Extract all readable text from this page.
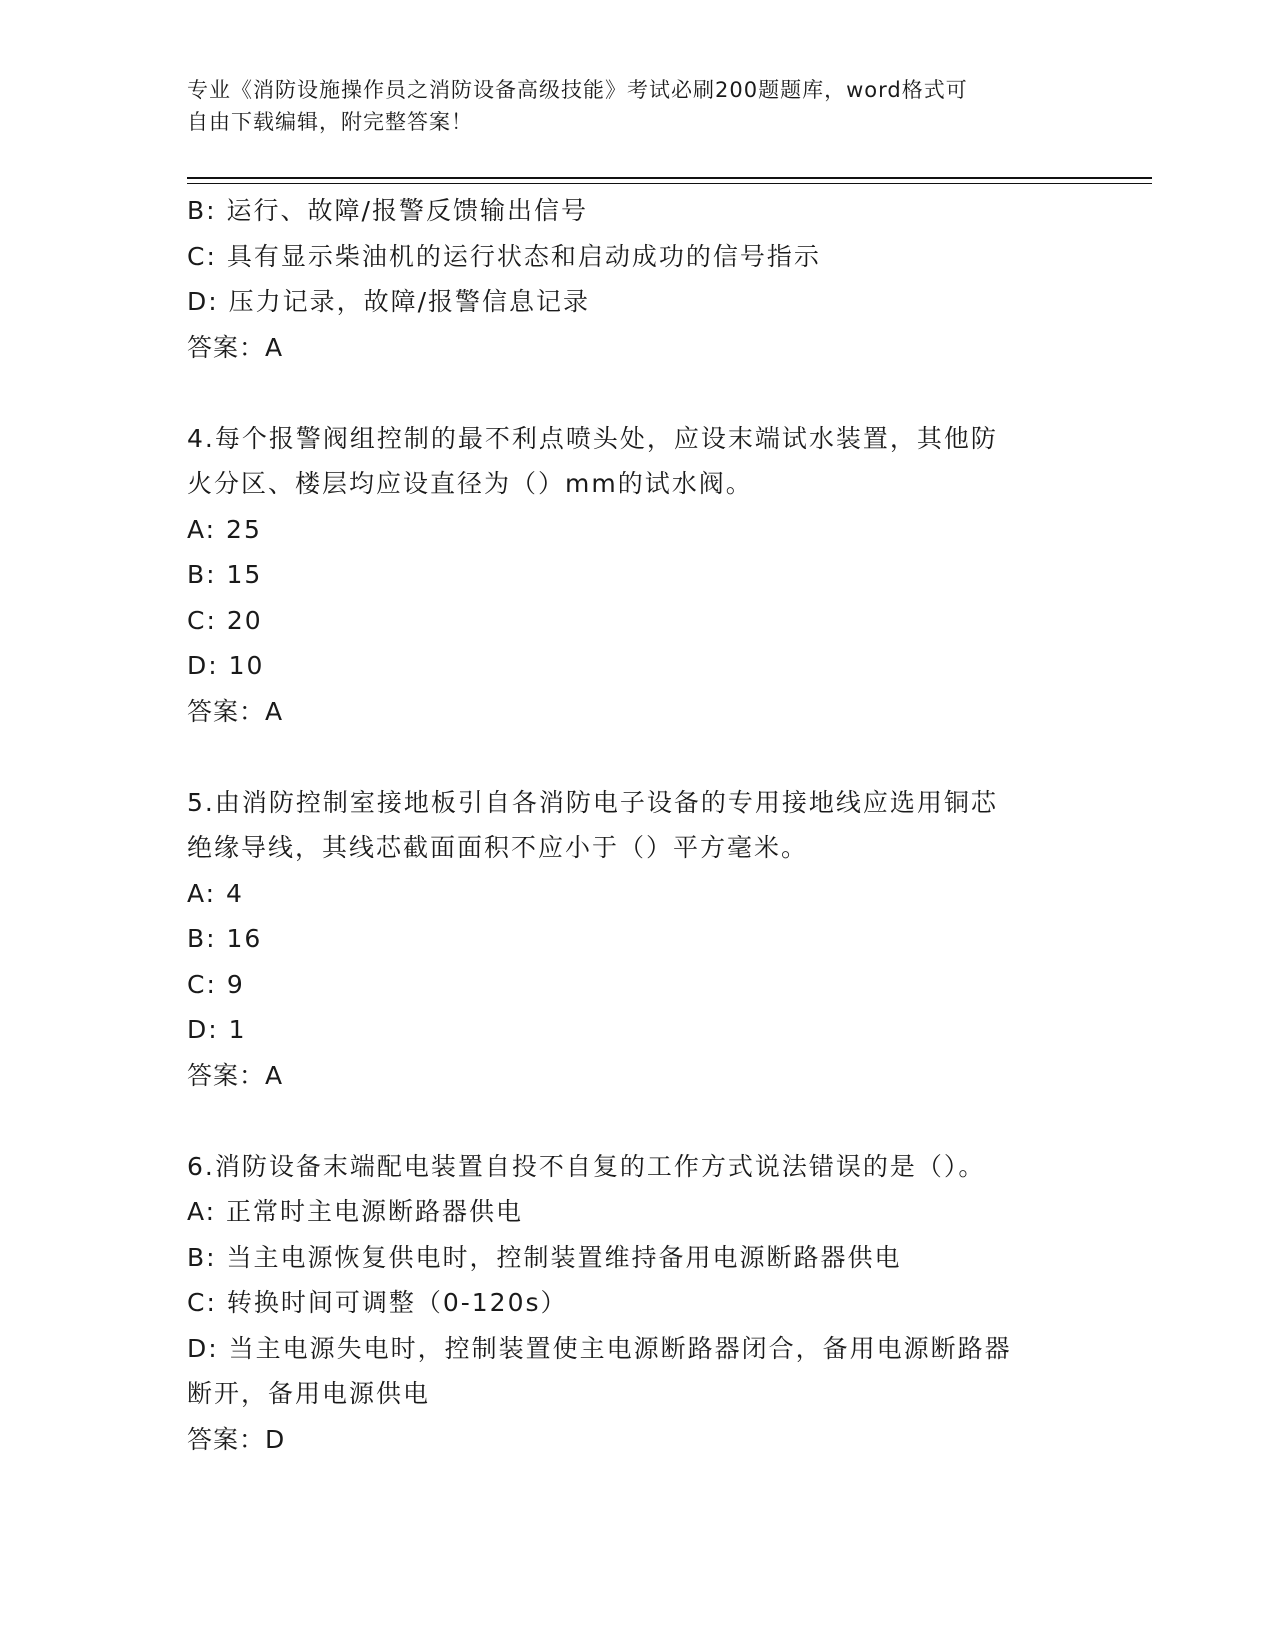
专业《消防设施操作员之消防设备高级技能》考试必刷200题题库，word格式可
自由下载编辑，附完整答案！
B: 运行、故障/报警反馈输出信号
C: 具有显示柴油机的运行状态和启动成功的信号指示
D: 压力记录，故障/报警信息记录
答案：A
4.每个报警阀组控制的最不利点喷头处，应设末端试水装置，其他防
火分区、楼层均应设直径为（）mm的试水阀。
A: 25
B: 15
C: 20
D: 10
答案：A
5.由消防控制室接地板引自各消防电子设备的专用接地线应选用铜芯
绝缘导线，其线芯截面面积不应小于（）平方毫米。
A: 4
B: 16
C: 9
D: 1
答案：A
6.消防设备末端配电装置自投不自复的工作方式说法错误的是（）。
A: 正常时主电源断路器供电
B: 当主电源恢复供电时，控制装置维持备用电源断路器供电
C: 转换时间可调整（0-120s）
D: 当主电源失电时，控制装置使主电源断路器闭合，备用电源断路器
断开，备用电源供电
答案：D
